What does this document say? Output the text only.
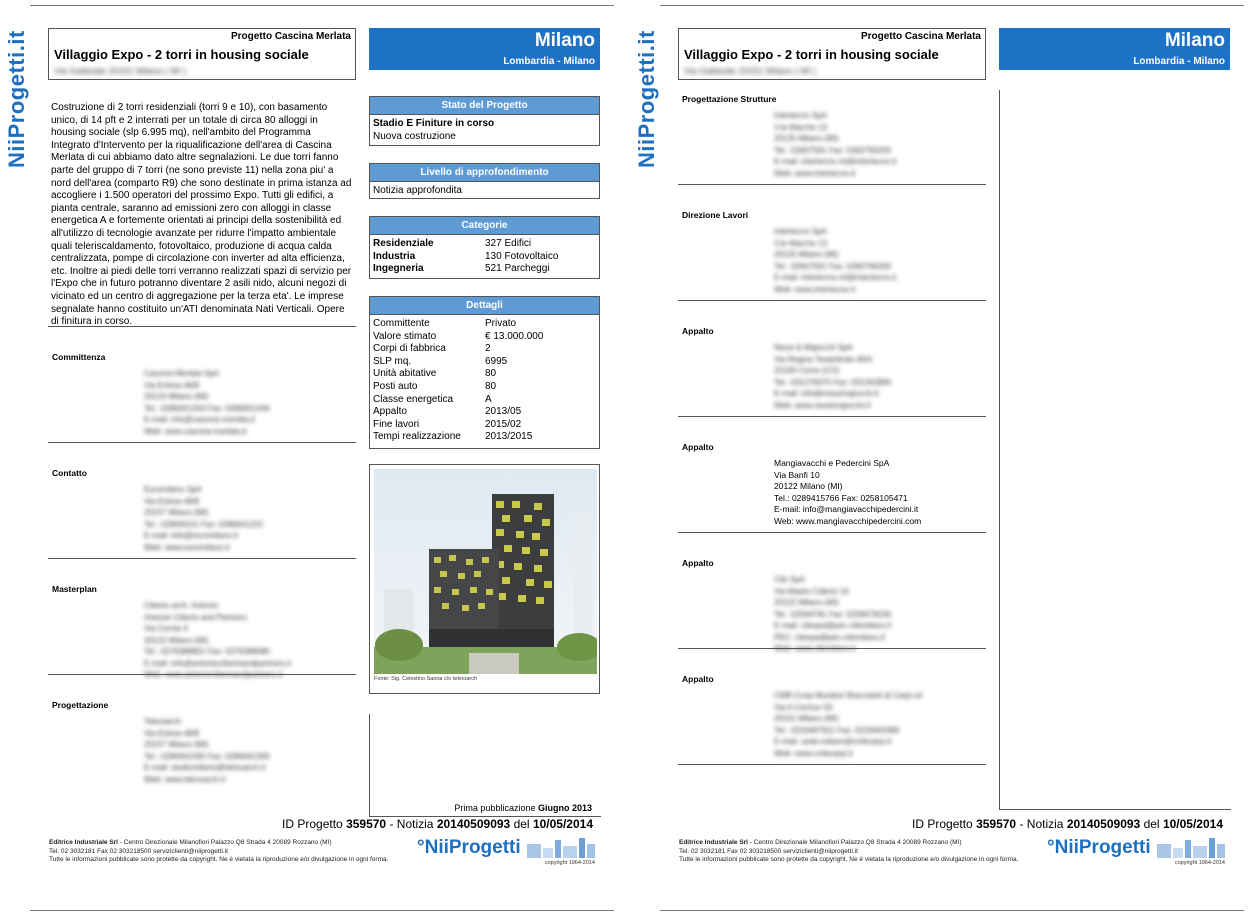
NiiProgetti.it	Progetto Cascina Merlata
Villaggio Expo - 2 torri in housing sociale
Via Gallarate 20151 Milano ( MI )
Milano
Lombardia - Milano
Costruzione di 2 torri residenziali (torri 9 e 10), con basamento unico, di 14 pft e 2 interrati per un totale di circa 80 alloggi in housing sociale (slp 6.995 mq), nell'ambito del Programma Integrato d'Intervento per la riqualificazione dell'area di Cascina Merlata di cui abbiamo dato altre segnalazioni. Le due torri fanno parte del gruppo di 7 torri (ne sono previste 11) nella zona piu' a nord dell'area (comparto R9) che sono destinate in prima istanza ad accogliere i 1.500 operatori del prossimo Expo. Tutti gli edifici, a pianta centrale, saranno ad emissioni zero con alloggi in classe energetica A e fortemente orientati ai principi della sostenibilità ed all'utilizzo di tecnologie avanzate per ridurre l'impatto ambientale quali teleriscaldamento, fotovoltaico, produzione di acqua calda centralizzata, pompe di circolazione con inverter ad alta efficienza, etc. Inoltre ai piedi delle torri verranno realizzati spazi di servizio per l'Expo che in futuro potranno diventare 2 asili nido, alcuni negozi di vicinato ed un centro di aggregazione per la terza eta'. Le imprese segnalate hanno costituito un'ATI denominata Nati Verticali. Opere di finitura in corso.
Committenza
Cascina Merlata SpA
Via Eritrea 48/8
20124 Milano (MI)
Tel.: 0286001343 Fax: 0286001344
E-mail: info@cascina-merlata.it
Web: www.cascina-merlata.it
Contatto
Euromilano SpA
Via Eritrea 48/8
20157 Milano (MI)
Tel.: 0286001I1 Fax: 0286001222
E-mail: info@euromilano.it
Web: www.euromilano.it
Masterplan
Citterio arch. Antonio
Antonio Citterio and Partners
Via Cernia 4
20122 Milano (MI)
Tel.: 0276388801 Fax: 0276388080
E-mail: info@antoniocitterioandpartners.it
Web: www.antoniocitterioandpartners.it
Progettazione
Teknoarch
Via Eritrea 48/8
20157 Milano (MI)
Tel.: 0286001335 Fax: 0286001305
E-mail: studiomilano@teknoarch.it
Web: www.teknoarch.it
Stato del Progetto
Stadio E Finiture in corso
Nuova costruzione
Livello di approfondimento
Notizia approfondita
Categorie
Residenziale	327 Edifici
Industria	130 Fotovoltaico
Ingegneria	521 Parcheggi
Dettagli
Committente	Privato
Valore stimato	€ 13.000.000
Corpi di fabbrica	2
SLP mq.	6995
Unità abitative	80
Posti auto	80
Classe energetica	A
Appalto	2013/05
Fine lavori	2015/02
Tempi realizzazione	2013/2015
Fonte: Sig. Celestino Sanna c/o teknoarch
Prima pubblicazione Giugno 2013
ID Progetto 359570 - Notizia 20140509093 del 10/05/2014
Editrice Industriale Srl - Centro Direzionale Milanofiori Palazzo Q8 Strada 4 20089 Rozzano (MI)
Tel. 02 3032181 Fax 02 303218500 serviziclienti@niiprogetti.it
Tutte le informazioni pubblicate sono protette da copyright. Ne è vietata la riproduzione e/o divulgazione in ogni forma.
°NiiProgetti
copyright 1964-2014
NiiProgetti.it	Progetto Cascina Merlata
Villaggio Expo - 2 torri in housing sociale
Via Gallarate 20151 Milano ( MI )
Milano
Lombardia - Milano
Progettazione Strutture
Intertecno SpA
V.le Marche 13
20125 Milano (MI)
Tel.: 02607591 Fax: 0260790200
E-mail: intertecno.mi@intertecno.it
Web: www.intertecno.it
Direzione Lavori
Intertecno SpA
V.le Marche 13
20125 Milano (MI)
Tel.: 02607591 Fax: 0260790200
E-mail: intertecno.mi@intertecno.it
Web: www.intertecno.it
Appalto
Nessi & Majocchi SpA
Via Regina Teodolinda 49/A
22100 Como (CO)
Tel.: 031278375 Fax: 031262806
E-mail: info@nessimajocchi.it
Web: www.nessimajocchi.it
Appalto
Mangiavacchi e Pedercini SpA
Via Banfi 10
20122 Milano (MI)
Tel.: 0289415766 Fax: 0258105471
E-mail: info@mangiavacchipedercini.it
Web: www.mangiavacchipedercini.com
Appalto
Cile SpA
Via Madre Cabrini 10
20122 Milano (MI)
Tel.: 02584781 Fax: 0258478226
E-mail: cilespa@pec.cilemilano.it
PEC: cilespa@pec.cilemilano.it
Web: www.cilemilano.it
Appalto
CMB Coop Muratori Braccianti di Carpi srl
Via A Cechov 50
20151 Milano (MI)
Tel.: 0233497911 Fax: 0233400399
E-mail: sede.milano@cmbcarpi.it
Web: www.cmbcarpi.it
ID Progetto 359570 - Notizia 20140509093 del 10/05/2014
Editrice Industriale Srl - Centro Direzionale Milanofiori Palazzo Q8 Strada 4 20089 Rozzano (MI)
Tel. 02 3032181 Fax 02 303218500 serviziclienti@niiprogetti.it
Tutte le informazioni pubblicate sono protette da copyright. Ne è vietata la riproduzione e/o divulgazione in ogni forma.
°NiiProgetti
copyright 1964-2014
